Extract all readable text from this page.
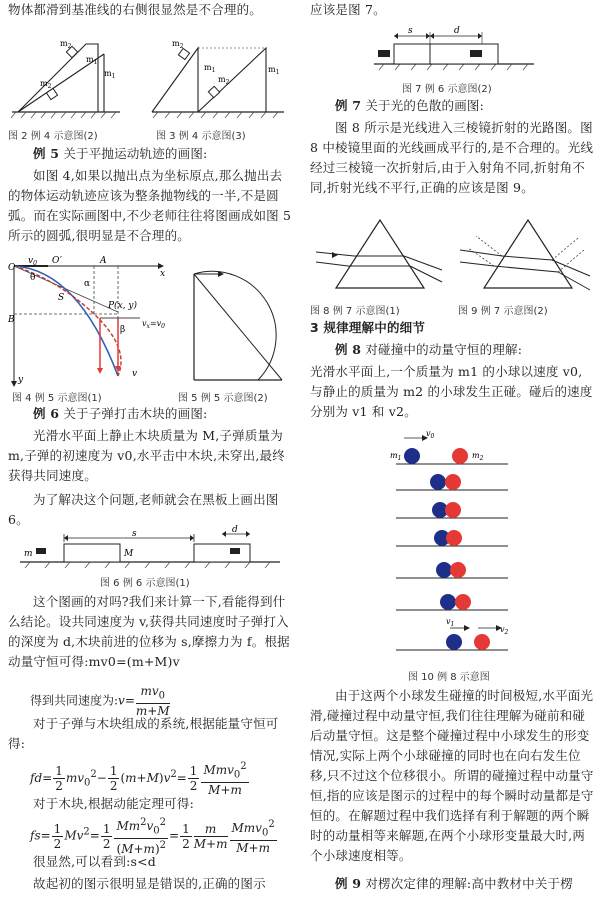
物体都滑到基准线的右侧很显然是不合理的。
$m_2$
$m_1$
$m_1$
$m_2$
$m_2$
$m_1$	$m_1$
$m_2$
图 2 例 4 示意图(2)	图 3 例 4 示意图(3)
例 5 关于平抛运动轨迹的画图:
如图 4,如果以抛出点为坐标原点,那么抛出去的物体运动轨迹应该为整条抛物线的一半,不是圆弧。而在实际画图中,不少老师往往将图画成如图 5 所示的圆弧,很明显是不合理的。
O
$v_0$ O ′	A
x
B
y
α
θ
S
P(x, y)
β
$v_x=v_0$
v
图 4 例 5 示意图(1)	图 5 例 5 示意图(2)
例 6 关于子弹打击木块的画图:
光滑水平面上静止木块质量为 M,子弹质量为 m,子弹的初速度为 v0,水平击中木块,未穿出,最终获得共同速度。
为了解决这个问题,老师就会在黑板上画出图 6。
m	M
s	d
图 6 例 6 示意图(1)
这个图画的对吗?我们来计算一下,看能得到什么结论。设共同速度为 v,获得共同速度时子弹打入的深度为 d,木块前进的位移为 s,摩擦力为 f。根据动量守恒可得:mv0=(m+M)v
得到共同速度为:v= $\frac{mv_0}{m+M}$
对于子弹与木块组成的系统,根据能量守恒可得:
$fd= \frac{1}{2} mv_0^2- \frac{1}{2} (m+M)v^2= \frac{1}{2} \frac{Mmv_0^2}{M+m}$
对于木块,根据动能定理可得:
$fs= \frac{1}{2} Mv^2= \frac{1}{2} \frac{Mm^2v_0^2}{(M+m)^2} = \frac{1}{2} \frac{m}{M+m} \frac{Mmv_0^2}{M+m}$
很显然,可以看到:s<d
故起初的图示很明显是错误的,正确的图示
应该是图 7。
s	d
图 7 例 6 示意图(2)
例 7 关于光的色散的画图:
图 8 所示是光线进入三棱镜折射的光路图。图 8 中棱镜里面的光线画成平行的,是不合理的。光线经过三棱镜一次折射后,由于入射角不同,折射角不同,折射光线不平行,正确的应该是图 9。
图 8 例 7 示意图(1)	图 9 例 7 示意图(2)
3 规律理解中的细节
例 8 对碰撞中的动量守恒的理解:
光滑水平面上,一个质量为 m1 的小球以速度 v0,与静止的质量为 m2 的小球发生正碰。碰后的速度分别为 v1 和 v2。
$v_0$
$m_1$	$m_2$
$v_1$
$v_2$
图 10 例 8 示意图
由于这两个小球发生碰撞的时间极短,水平面光滑,碰撞过程中动量守恒,我们往往理解为碰前和碰后动量守恒。这是整个碰撞过程中小球发生的形变情况,实际上两个小球碰撞的同时也在向右发生位移,只不过这个位移很小。所谓的碰撞过程中动量守恒,指的应该是图示的过程中的每个瞬时动量都是守恒的。在解题过程中我们选择有利于解题的两个瞬时的动量相等来解题,在两个小球形变量最大时,两个小球速度相等。
例 9 对楞次定律的理解:高中教材中关于楞
